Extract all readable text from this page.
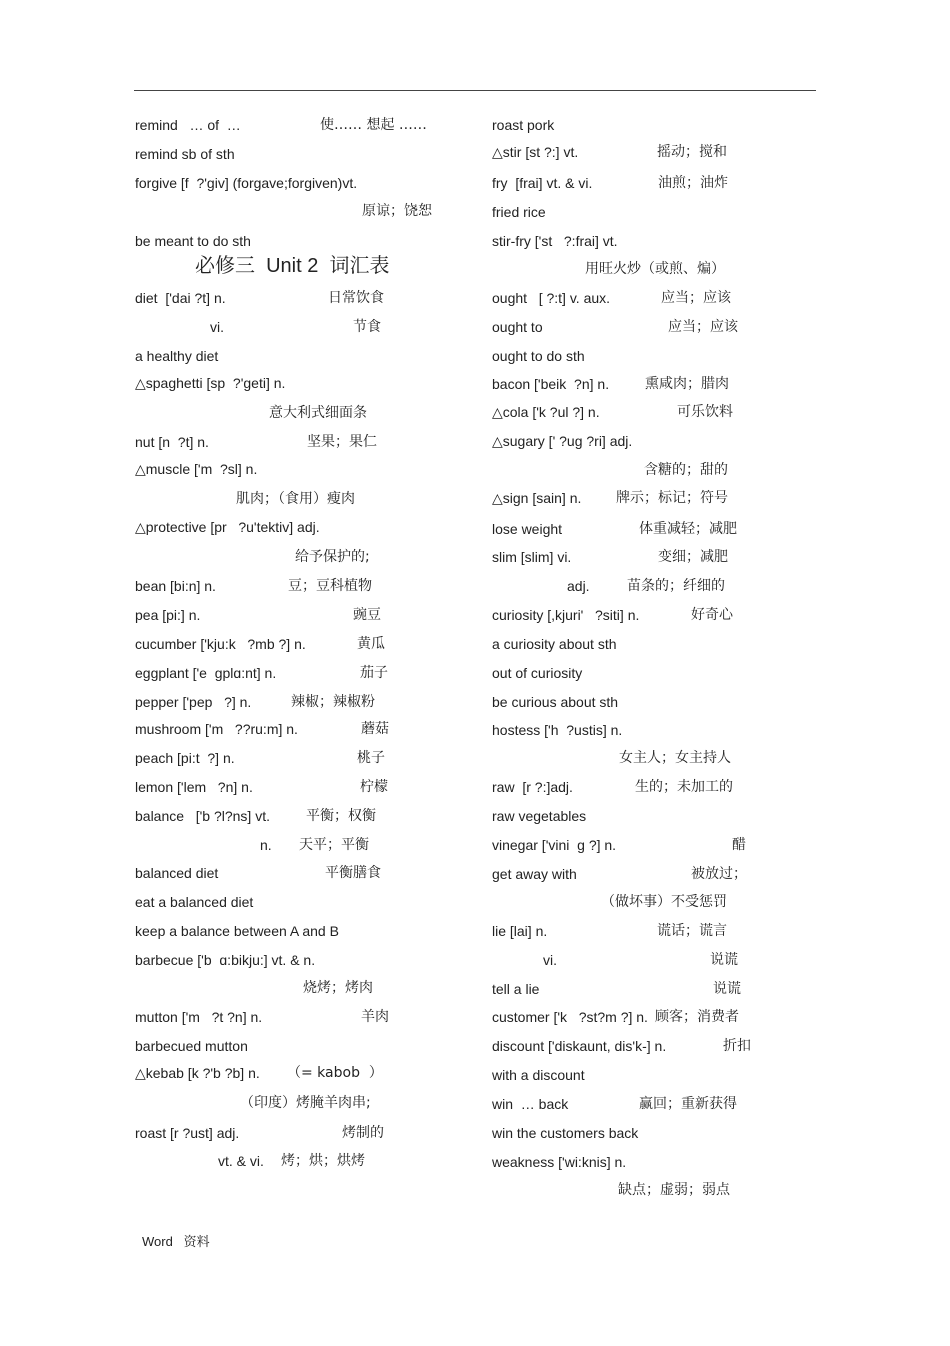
remind   … of  …	使…… 想起 ……
remind sb of sth
forgive [f  ?'giv] (forgave;forgiven)vt.
原谅；饶恕
be meant to do sth
diet  ['dai ?t] n.	日常饮食
vi.	节食
a healthy diet
△spaghetti [sp  ?'geti] n.
意大利式细面条
nut [n  ?t] n.	坚果；果仁
△muscle ['m  ?sl] n.
肌肉；（食用）瘦肉
△protective [pr   ?u'tektiv] adj.
给予保护的;
bean [bi:n] n.	豆；豆科植物
pea [pi:] n.	豌豆
cucumber ['kju:k   ?mb ?] n.	黄瓜
eggplant ['e  ɡplɑ:nt] n.	茄子
pepper ['pep   ?] n.	辣椒；辣椒粉
mushroom ['m   ??ru:m] n.	蘑菇
peach [pi:t  ?] n.	桃子
lemon ['lem   ?n] n.	柠檬
balance   ['b ?l?ns] vt.	平衡；权衡
n. 天平；平衡
balanced diet	平衡膳食
eat a balanced diet
keep a balance between A and B
barbecue ['b  ɑ:bikju:] vt. & n.
烧烤；烤肉
mutton ['m   ?t ?n] n.	羊肉
barbecued mutton
△kebab [k ?'b ?b] n. （= kabob  ）
（印度）烤腌羊肉串;
roast [r ?ust] adj.	烤制的
vt. & vi. 烤；烘；烘烤
roast pork
△stir [st ?:] vt.	摇动；搅和
fry  [frai] vt. & vi.	油煎；油炸
fried rice
stir-fry ['st   ?:frai] vt.
用旺火炒（或煎、煸）
ought   [ ?:t] v. aux.	应当；应该
ought to	应当；应该
ought to do sth
bacon ['beik  ?n] n.	熏咸肉；腊肉
△cola ['k ?ul ?] n.	可乐饮料
△sugary [' ?uɡ ?ri] adj.
含糖的；甜的
△sign [sain] n. 牌示；标记；符号
lose weight	体重减轻；减肥
slim [slim] vi.	变细；减肥
adj.	苗条的；纤细的
curiosity [,kjuri'   ?siti] n.	好奇心
a curiosity about sth
out of curiosity
be curious about sth
hostess ['h  ?ustis] n.
女主人；女主持人
raw  [r ?:]adj.	生的；未加工的
raw vegetables
vinegar ['vini  ɡ ?] n.	醋
get away with	被放过；
（做坏事）不受惩罚
lie [lai] n.	谎话；谎言
vi.	说谎
tell a lie	说谎
customer ['k   ?st?m ?] n. 顾客；消费者
discount ['diskaunt, dis'k-] n.	折扣
with a discount
win  … back	赢回；重新获得
win the customers back
weakness ['wi:knis] n.
缺点；虚弱；弱点
必修三  Unit 2  词汇表
Word   资料
